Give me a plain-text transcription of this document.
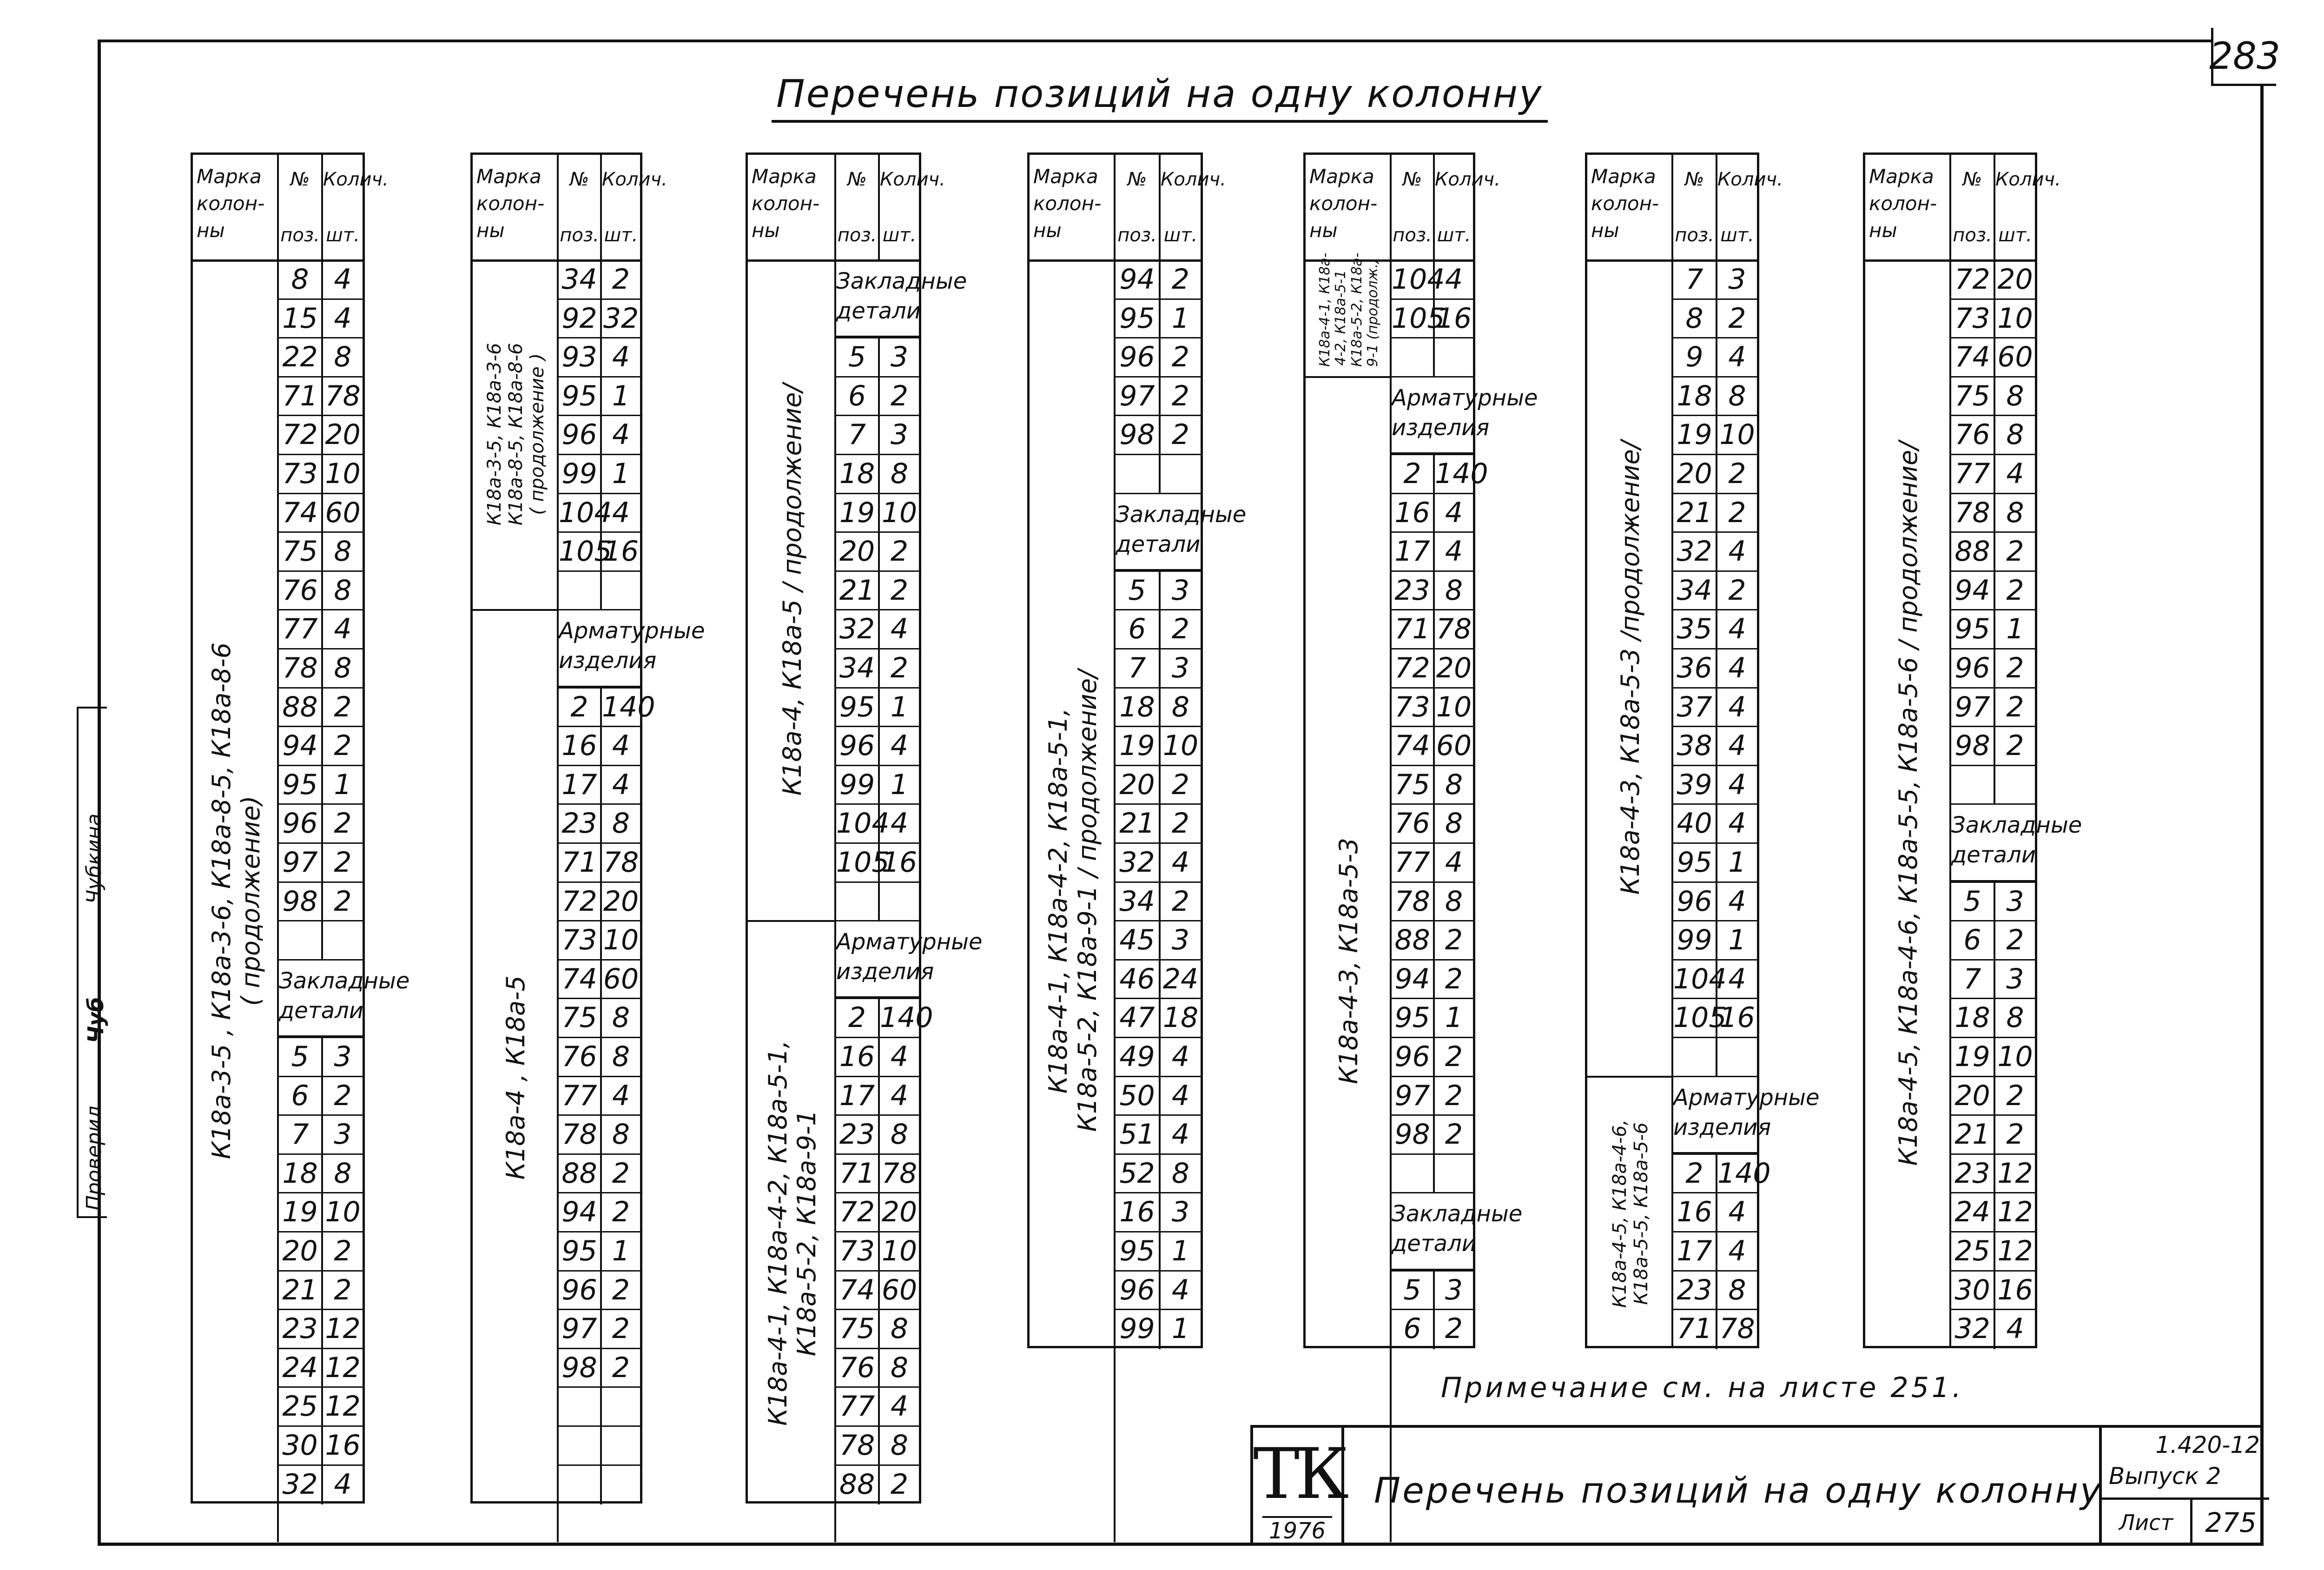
283
Перечень позиций на одну колонну
Проверил
Чубкина
Чуб
Марка
колон-
ны
№
поз.
Колич.
шт.
К18а-3-5 , К18а-3-6, К18а-8-5, К18а-8-6 ( продолжение)
8 4
15 4
22 8
71 78
72 20
73 10
74 60
75 8
76 8
77 4
78 8
88 2
94 2
95 1
96 2
97 2
98 2
Закладные
детали
5 3
6 2
7 3
18 8
19 10
20 2
21 2
23 12
24 12
25 12
30 16
32 4
Марка
колон-
ны
№
поз.
Колич.
шт.
К18а-3-5, К18а-3-6 К18а-8-5, К18а-8-6 ( продолжение )
К18а-4 , К18а-5
34 2
92 32
93 4
95 1
96 4
99 1
104 4
105
16
Арматурные
изделия
2 140
16 4
17 4
23 8
71 78
72 20
73 10
74 60
75 8
76 8
77 4
78 8
88 2
94 2
95 1
96 2
97 2
98 2
Марка
колон-
ны
№
поз.
Колич.
шт.
К18а-4, К18а-5 / продолжение/
К18а-4-1, К18а-4-2, К18а-5-1, К18а-5-2, К18а-9-1
Закладные
детали
5 3
6 2
7 3
18 8
19 10
20 2
21 2
32 4
34 2
95 1
96 4
99 1
104 4
105
16
Арматурные
изделия
2 140
16 4
17 4
23 8
71 78
72 20
73 10
74 60
75 8
76 8
77 4
78 8
88 2
Марка
колон-
ны
№
поз.
Колич.
шт.
К18а-4-1, К18а-4-2, К18а-5-1, К18а-5-2, К18а-9-1 / продолжение/
94 2
95 1
96 2
97 2
98 2
Закладные
детали
5 3
6 2
7 3
18 8
19 10
20 2
21 2
32 4
34 2
45 3
46 24
47 18
49 4
50 4
51 4
52 8
16 3
95 1
96 4
99 1
Марка
колон-
ны
№
поз.
Колич.
шт.
К18а-4-1, К18а- 4-2, К18а-5-1 К18а-5-2, К18а- 9-1 (продолж.)
К18а-4-3, К18а-5-3
104 4
105
16
Арматурные
изделия
2 140
16 4
17 4
23 8
71 78
72 20
73 10
74 60
75 8
76 8
77 4
78 8
88 2
94 2
95 1
96 2
97 2
98 2
Закладные
детали
5 3
6 2
Марка
колон-
ны
№
поз.
Колич.
шт.
К18а-4-3, К18а-5-3 /продолжение/
К18а-4-5, К18а-4-6, К18а-5-5, К18а-5-6
7 3
8 2
9 4
18 8
19 10
20 2
21 2
32 4
34 2
35 4
36 4
37 4
38 4
39 4
40 4
95 1
96 4
99 1
104 4
105
16
Арматурные
изделия
2 140
16 4
17 4
23 8
71 78
Марка
колон-
ны
№
поз.
Колич.
шт.
К18а-4-5, К18а-4-6, К18а-5-5, К18а-5-6 / продолжение/
72 20
73 10
74 60
75 8
76 8
77 4
78 8
88 2
94 2
95 1
96 2
97 2
98 2
Закладные
детали
5 3
6 2
7 3
18 8
19 10
20 2
21 2
23 12
24 12
25 12
30 16
32 4
Примечание см. на листе 251.
ТК
1976
Перечень позиций на одну колонну
1.420-12
Выпуск 2
Лист	275
